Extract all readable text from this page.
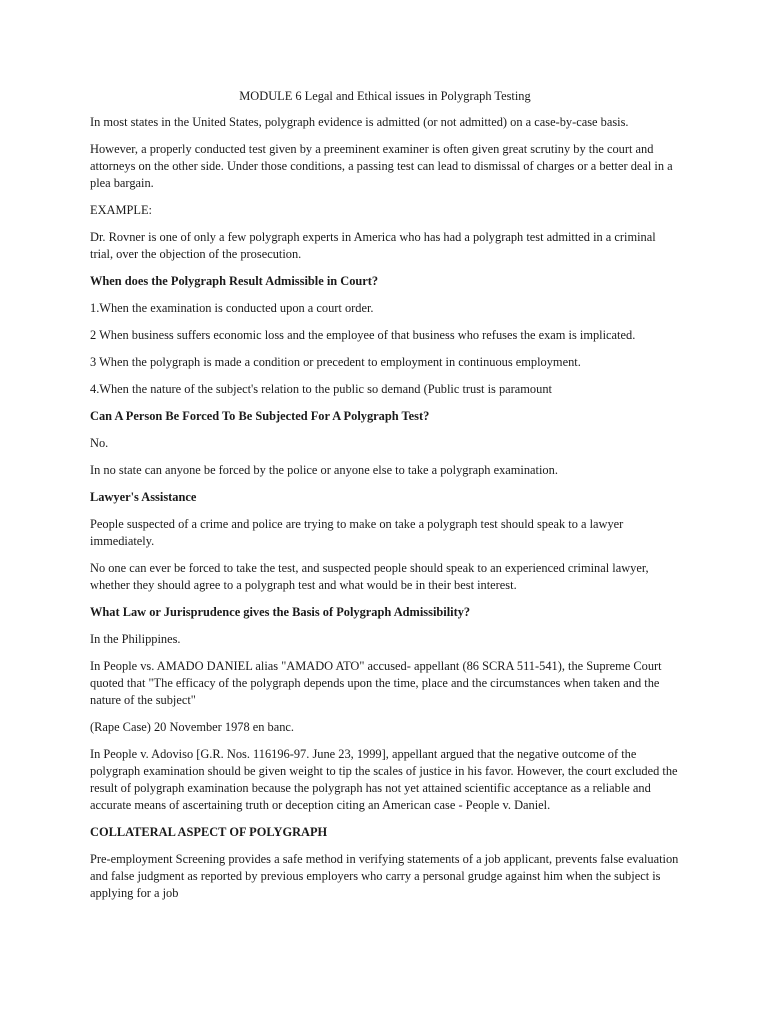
MODULE 6 Legal and Ethical issues in Polygraph Testing
In most states in the United States, polygraph evidence is admitted (or not admitted) on a case-by-case basis.
However, a properly conducted test given by a preeminent examiner is often given great scrutiny by the court and attorneys on the other side. Under those conditions, a passing test can lead to dismissal of charges or a better deal in a plea bargain.
EXAMPLE:
Dr. Rovner is one of only a few polygraph experts in America who has had a polygraph test admitted in a criminal trial, over the objection of the prosecution.
When does the Polygraph Result Admissible in Court?
1.When the examination is conducted upon a court order.
2 When business suffers economic loss and the employee of that business who refuses the exam is implicated.
3 When the polygraph is made a condition or precedent to employment in continuous employment.
4.When the nature of the subject's relation to the public so demand (Public trust is paramount
Can A Person Be Forced To Be Subjected For A Polygraph Test?
No.
In no state can anyone be forced by the police or anyone else to take a polygraph examination.
Lawyer's Assistance
People suspected of a crime and police are trying to make on take a polygraph test should speak to a lawyer immediately.
No one can ever be forced to take the test, and suspected people should speak to an experienced criminal lawyer, whether they should agree to a polygraph test and what would be in their best interest.
What Law or Jurisprudence gives the Basis of Polygraph Admissibility?
In the Philippines.
In People vs. AMADO DANIEL alias "AMADO ATO" accused- appellant (86 SCRA 511-541), the Supreme Court quoted that "The efficacy of the polygraph depends upon the time, place and the circumstances when taken and the nature of the subject"
(Rape Case) 20 November 1978 en banc.
In People v. Adoviso [G.R. Nos. 116196-97. June 23, 1999], appellant argued that the negative outcome of the polygraph examination should be given weight to tip the scales of justice in his favor. However, the court excluded the result of polygraph examination because the polygraph has not yet attained scientific acceptance as a reliable and accurate means of ascertaining truth or deception citing an American case - People v. Daniel.
COLLATERAL ASPECT OF POLYGRAPH
Pre-employment Screening provides a safe method in verifying statements of a job applicant, prevents false evaluation and false judgment as reported by previous employers who carry a personal grudge against him when the subject is applying for a job
